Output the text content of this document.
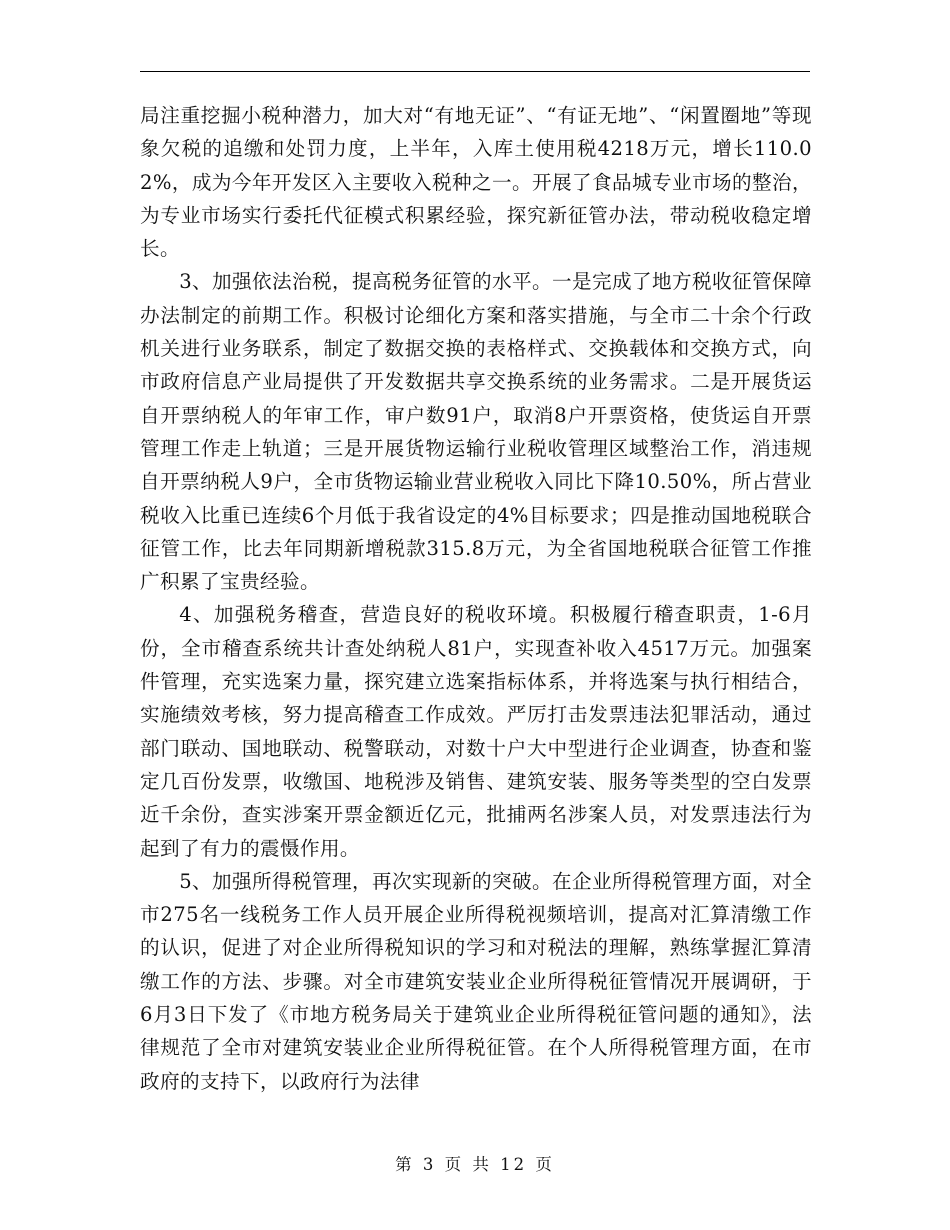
局注重挖掘小税种潜力，加大对“有地无证”、“有证无地”、“闲置圈地”等现象欠税的追缴和处罚力度，上半年，入库土使用税4218万元，增长110.02%，成为今年开发区入主要收入税种之一。开展了食品城专业市场的整治，为专业市场实行委托代征模式积累经验，探究新征管办法，带动税收稳定增长。

3、加强依法治税，提高税务征管的水平。一是完成了地方税收征管保障办法制定的前期工作。积极讨论细化方案和落实措施，与全市二十余个行政机关进行业务联系，制定了数据交换的表格样式、交换载体和交换方式，向市政府信息产业局提供了开发数据共享交换系统的业务需求。二是开展货运自开票纳税人的年审工作，审户数91户，取消8户开票资格，使货运自开票管理工作走上轨道；三是开展货物运输行业税收管理区域整治工作，消违规自开票纳税人9户，全市货物运输业营业税收入同比下降10.50%，所占营业税收入比重已连续6个月低于我省设定的4%目标要求；四是推动国地税联合征管工作，比去年同期新增税款315.8万元，为全省国地税联合征管工作推广积累了宝贵经验。

4、加强税务稽查，营造良好的税收环境。积极履行稽查职责，1-6月份，全市稽查系统共计查处纳税人81户，实现查补收入4517万元。加强案件管理，充实选案力量，探究建立选案指标体系，并将选案与执行相结合，实施绩效考核，努力提高稽查工作成效。严厉打击发票违法犯罪活动，通过部门联动、国地联动、税警联动，对数十户大中型进行企业调查，协查和鉴定几百份发票，收缴国、地税涉及销售、建筑安装、服务等类型的空白发票近千余份，查实涉案开票金额近亿元，批捕两名涉案人员，对发票违法行为起到了有力的震慑作用。

5、加强所得税管理，再次实现新的突破。在企业所得税管理方面，对全市275名一线税务工作人员开展企业所得税视频培训，提高对汇算清缴工作的认识，促进了对企业所得税知识的学习和对税法的理解，熟练掌握汇算清缴工作的方法、步骤。对全市建筑安装业企业所得税征管情况开展调研，于6月3日下发了《市地方税务局关于建筑业企业所得税征管问题的通知》，法律规范了全市对建筑安装业企业所得税征管。在个人所得税管理方面，在市政府的支持下，以政府行为法律

第 3 页 共 12 页
